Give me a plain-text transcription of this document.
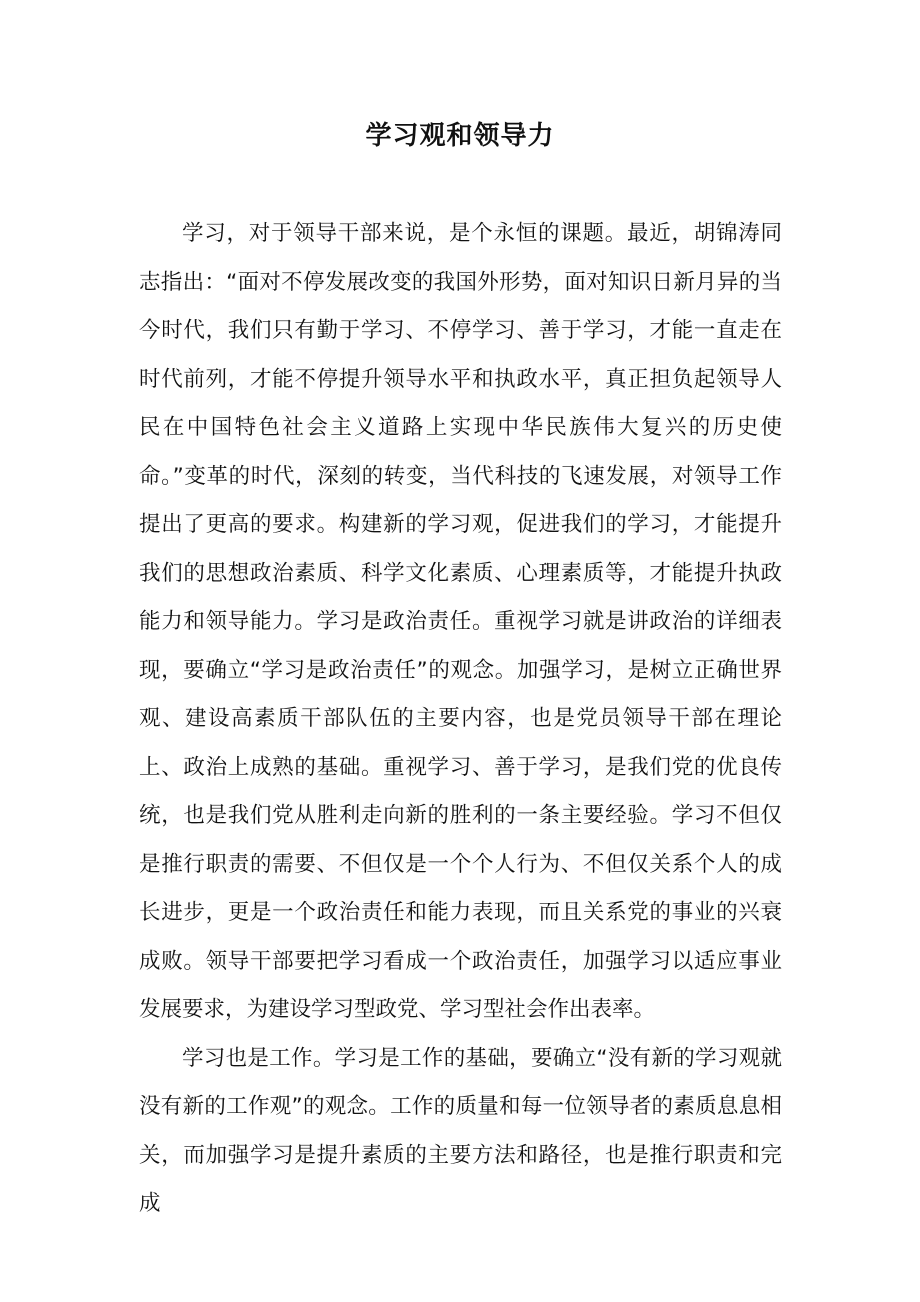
学习观和领导力

学习，对于领导干部来说，是个永恒的课题。最近，胡锦涛同志指出：“面对不停发展改变的我国外形势，面对知识日新月异的当今时代，我们只有勤于学习、不停学习、善于学习，才能一直走在时代前列，才能不停提升领导水平和执政水平，真正担负起领导人民在中国特色社会主义道路上实现中华民族伟大复兴的历史使命。”变革的时代，深刻的转变，当代科技的飞速发展，对领导工作提出了更高的要求。构建新的学习观，促进我们的学习，才能提升我们的思想政治素质、科学文化素质、心理素质等，才能提升执政能力和领导能力。学习是政治责任。重视学习就是讲政治的详细表现，要确立“学习是政治责任”的观念。加强学习，是树立正确世界观、建设高素质干部队伍的主要内容，也是党员领导干部在理论上、政治上成熟的基础。重视学习、善于学习，是我们党的优良传统，也是我们党从胜利走向新的胜利的一条主要经验。学习不但仅是推行职责的需要、不但仅是一个个人行为、不但仅关系个人的成长进步，更是一个政治责任和能力表现，而且关系党的事业的兴衰成败。领导干部要把学习看成一个政治责任，加强学习以适应事业发展要求，为建设学习型政党、学习型社会作出表率。

学习也是工作。学习是工作的基础，要确立“没有新的学习观就没有新的工作观”的观念。工作的质量和每一位领导者的素质息息相关，而加强学习是提升素质的主要方法和路径，也是推行职责和完成
